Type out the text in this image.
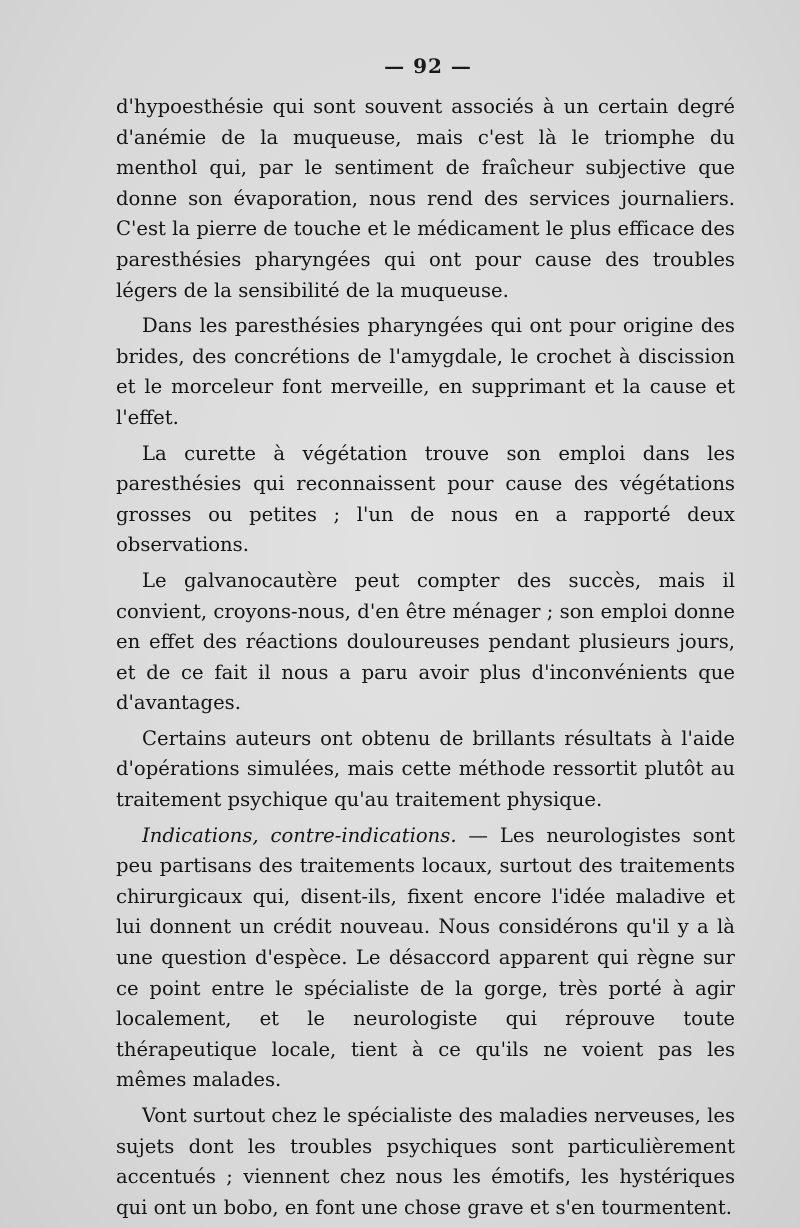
— 92 —

d'hypoesthésie qui sont souvent associés à un certain degré d'anémie de la muqueuse, mais c'est là le triomphe du menthol qui, par le sentiment de fraîcheur subjective que donne son évaporation, nous rend des services journaliers. C'est la pierre de touche et le médicament le plus efficace des paresthésies pharyngées qui ont pour cause des troubles légers de la sensibilité de la muqueuse.

Dans les paresthésies pharyngées qui ont pour origine des brides, des concrétions de l'amygdale, le crochet à discission et le morceleur font merveille, en supprimant et la cause et l'effet.

La curette à végétation trouve son emploi dans les paresthésies qui reconnaissent pour cause des végétations grosses ou petites ; l'un de nous en a rapporté deux observations.

Le galvanocautère peut compter des succès, mais il convient, croyons-nous, d'en être ménager ; son emploi donne en effet des réactions douloureuses pendant plusieurs jours, et de ce fait il nous a paru avoir plus d'inconvénients que d'avantages.

Certains auteurs ont obtenu de brillants résultats à l'aide d'opérations simulées, mais cette méthode ressortit plutôt au traitement psychique qu'au traitement physique.

Indications, contre-indications. — Les neurologistes sont peu partisans des traitements locaux, surtout des traitements chirurgicaux qui, disent-ils, fixent encore l'idée maladive et lui donnent un crédit nouveau. Nous considérons qu'il y a là une question d'espèce. Le désaccord apparent qui règne sur ce point entre le spécialiste de la gorge, très porté à agir localement, et le neurologiste qui réprouve toute thérapeutique locale, tient à ce qu'ils ne voient pas les mêmes malades.

Vont surtout chez le spécialiste des maladies nerveuses, les sujets dont les troubles psychiques sont particulièrement accentués ; viennent chez nous les émotifs, les hystériques qui ont un bobo, en font une chose grave et s'en tourmentent.
